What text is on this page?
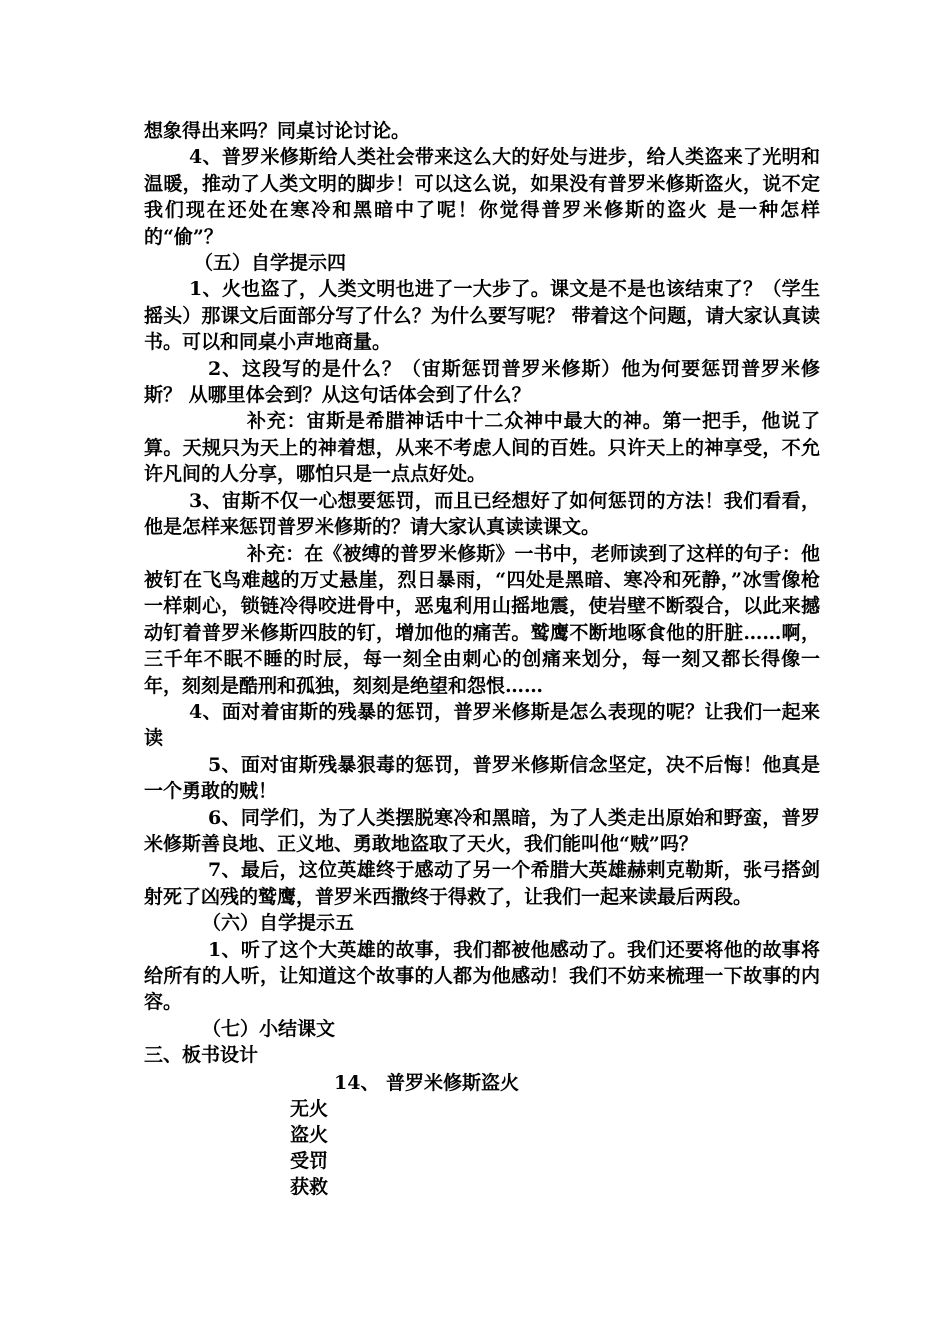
想象得出来吗？同桌讨论讨论。

4、普罗米修斯给人类社会带来这么大的好处与进步，给人类盗来了光明和温暖，推动了人类文明的脚步！可以这么说，如果没有普罗米修斯盗火，说不定我们现在还处在寒冷和黑暗中了呢！你觉得普罗米修斯的盗火 是一种怎样的“偷”？

（五）自学提示四

1、火也盗了，人类文明也进了一大步了。课文是不是也该结束了？（学生摇头）那课文后面部分写了什么？为什么要写呢？ 带着这个问题，请大家认真读书。可以和同桌小声地商量。

2、这段写的是什么？（宙斯惩罚普罗米修斯）他为何要惩罚普罗米修斯？ 从哪里体会到？从这句话体会到了什么？

补充：宙斯是希腊神话中十二众神中最大的神。第一把手，他说了算。天规只为天上的神着想，从来不考虑人间的百姓。只许天上的神享受，不允许凡间的人分享，哪怕只是一点点好处。

3、宙斯不仅一心想要惩罚，而且已经想好了如何惩罚的方法！我们看看，他是怎样来惩罚普罗米修斯的？请大家认真读读课文。

补充：在《被缚的普罗米修斯》一书中，老师读到了这样的句子：他被钉在飞鸟难越的万丈悬崖，烈日暴雨，“四处是黑暗、寒冷和死静，”冰雪像枪一样刺心，锁链冷得咬进骨中，恶鬼利用山摇地震，使岩壁不断裂合，以此来撼动钉着普罗米修斯四肢的钉，增加他的痛苦。鹫鹰不断地啄食他的肝脏……啊，三千年不眠不睡的时辰，每一刻全由刺心的创痛来划分，每一刻又都长得像一年，刻刻是酷刑和孤独，刻刻是绝望和怨恨……

4、面对着宙斯的残暴的惩罚，普罗米修斯是怎么表现的呢？让我们一起来读

5、面对宙斯残暴狠毒的惩罚，普罗米修斯信念坚定，决不后悔！他真是一个勇敢的贼！

6、同学们，为了人类摆脱寒冷和黑暗，为了人类走出原始和野蛮，普罗米修斯善良地、正义地、勇敢地盗取了天火，我们能叫他“贼”吗？

7、最后，这位英雄终于感动了另一个希腊大英雄赫剌克勒斯，张弓搭剑射死了凶残的鹫鹰，普罗米西撒终于得救了，让我们一起来读最后两段。

（六）自学提示五

1、听了这个大英雄的故事，我们都被他感动了。我们还要将他的故事将给所有的人听，让知道这个故事的人都为他感动！我们不妨来梳理一下故事的内容。

（七）小结课文

三、板书设计

14、 普罗米修斯盗火

无火

盗火

受罚

获救
